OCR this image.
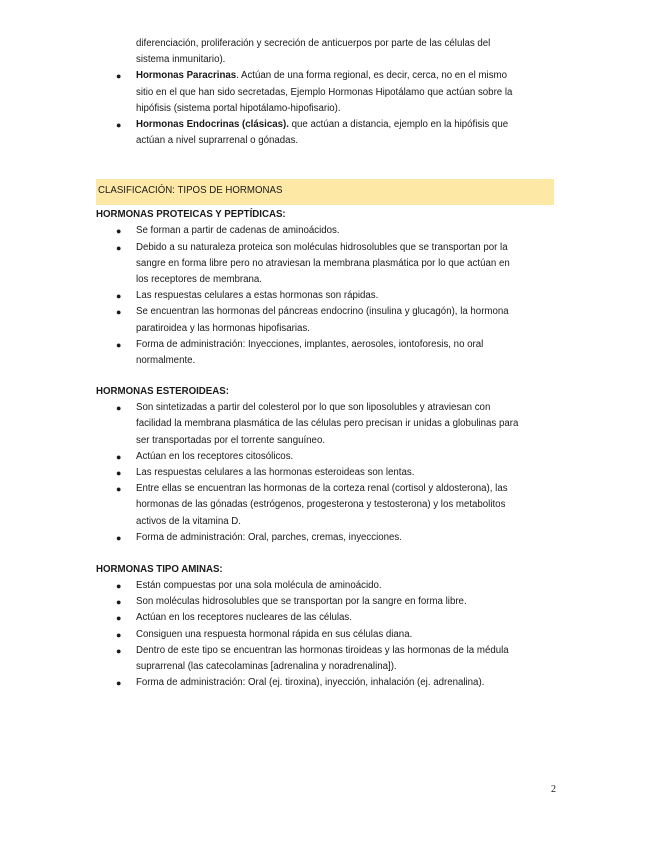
diferenciación, proliferación y secreción de anticuerpos por parte de las células del
sistema inmunitario).
● Hormonas Paracrinas. Actúan de una forma regional, es decir, cerca, no en el mismo
sitio en el que han sido secretadas, Ejemplo Hormonas Hipotálamo que actúan sobre la
hipófisis (sistema portal hipotálamo-hipofisario).
● Hormonas Endocrinas (clásicas). que actúan a distancia, ejemplo en la hipófisis que
actúan a nivel suprarrenal o gónadas.
CLASIFICACIÓN: TIPOS DE HORMONAS
HORMONAS PROTEICAS Y PEPTÍDICAS:
● Se forman a partir de cadenas de aminoácidos.
● Debido a su naturaleza proteica son moléculas hidrosolubles que se transportan por la
sangre en forma libre pero no atraviesan la membrana plasmática por lo que actúan en
los receptores de membrana.
● Las respuestas celulares a estas hormonas son rápidas.
● Se encuentran las hormonas del páncreas endocrino (insulina y glucagón), la hormona
paratiroidea y las hormonas hipofisarias.
● Forma de administración: Inyecciones, implantes, aerosoles, iontoforesis, no oral
normalmente.
HORMONAS ESTEROIDEAS:
● Son sintetizadas a partir del colesterol por lo que son liposolubles y atraviesan con
facilidad la membrana plasmática de las células pero precisan ir unidas a globulinas para
ser transportadas por el torrente sanguíneo.
● Actúan en los receptores citosólicos.
● Las respuestas celulares a las hormonas esteroideas son lentas.
● Entre ellas se encuentran las hormonas de la corteza renal (cortisol y aldosterona), las
hormonas de las gónadas (estrógenos, progesterona y testosterona) y los metabolitos
activos de la vitamina D.
● Forma de administración: Oral, parches, cremas, inyecciones.
HORMONAS TIPO AMINAS:
● Están compuestas por una sola molécula de aminoácido.
● Son moléculas hidrosolubles que se transportan por la sangre en forma libre.
● Actúan en los receptores nucleares de las células.
● Consiguen una respuesta hormonal rápida en sus células diana.
● Dentro de este tipo se encuentran las hormonas tiroideas y las hormonas de la médula
suprarrenal (las catecolaminas [adrenalina y noradrenalina]).
● Forma de administración: Oral (ej. tiroxina), inyección, inhalación (ej. adrenalina).
2
